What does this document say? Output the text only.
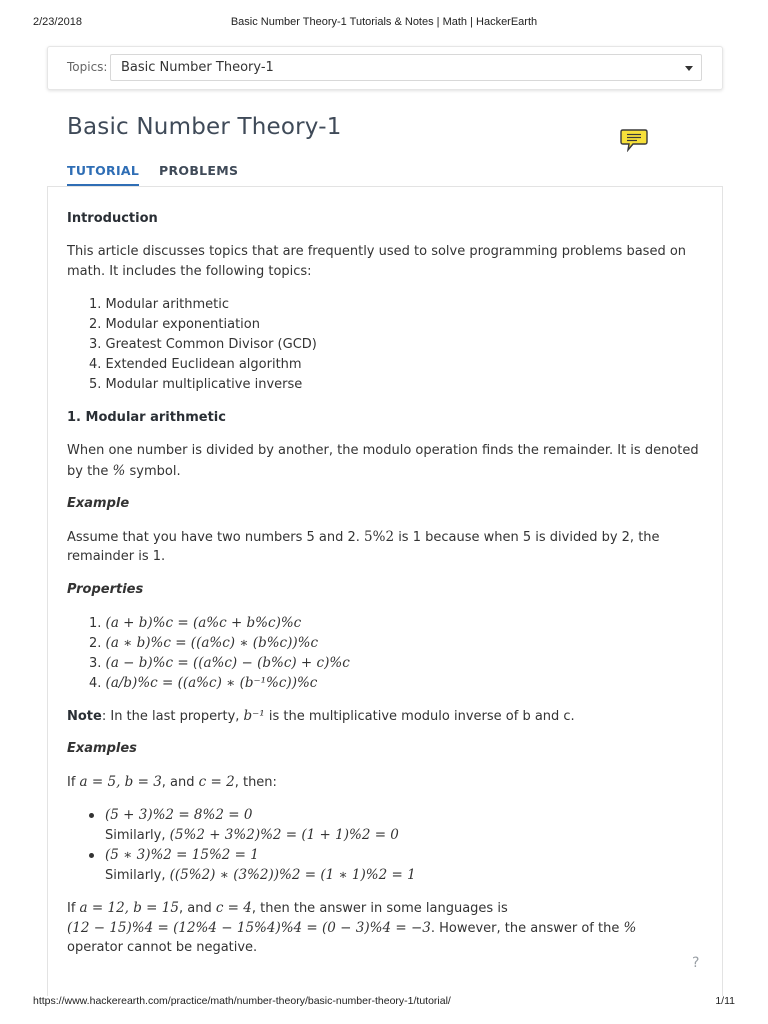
2/23/2018	Basic Number Theory-1 Tutorials & Notes | Math | HackerEarth
Topics: Basic Number Theory-1
Basic Number Theory-1
TUTORIAL PROBLEMS
Introduction
This article discusses topics that are frequently used to solve programming problems based on
math. It includes the following topics:
1. Modular arithmetic
2. Modular exponentiation
3. Greatest Common Divisor (GCD)
4. Extended Euclidean algorithm
5. Modular multiplicative inverse
1. Modular arithmetic
When one number is divided by another, the modulo operation finds the remainder. It is denoted
by the % symbol.
Example
Assume that you have two numbers 5 and 2. 5%2 is 1 because when 5 is divided by 2, the
remainder is 1.
Properties
1. (a + b)%c = (a%c + b%c)%c
2. (a ∗ b)%c = ((a%c) ∗ (b%c))%c
3. (a − b)%c = ((a%c) − (b%c) + c)%c
4. (a/b)%c = ((a%c) ∗ (b⁻¹%c))%c
Note: In the last property, b⁻¹ is the multiplicative modulo inverse of b and c.
Examples
If a = 5, b = 3, and c = 2, then:
(5 + 3)%2 = 8%2 = 0
Similarly, (5%2 + 3%2)%2 = (1 + 1)%2 = 0
(5 ∗ 3)%2 = 15%2 = 1
Similarly, ((5%2) ∗ (3%2))%2 = (1 ∗ 1)%2 = 1
If a = 12, b = 15, and c = 4, then the answer in some languages is
(12 − 15)%4 = (12%4 − 15%4)%4 = (0 − 3)%4 = −3. However, the answer of the %
operator cannot be negative.
?
https://www.hackerearth.com/practice/math/number-theory/basic-number-theory-1/tutorial/	1/11
